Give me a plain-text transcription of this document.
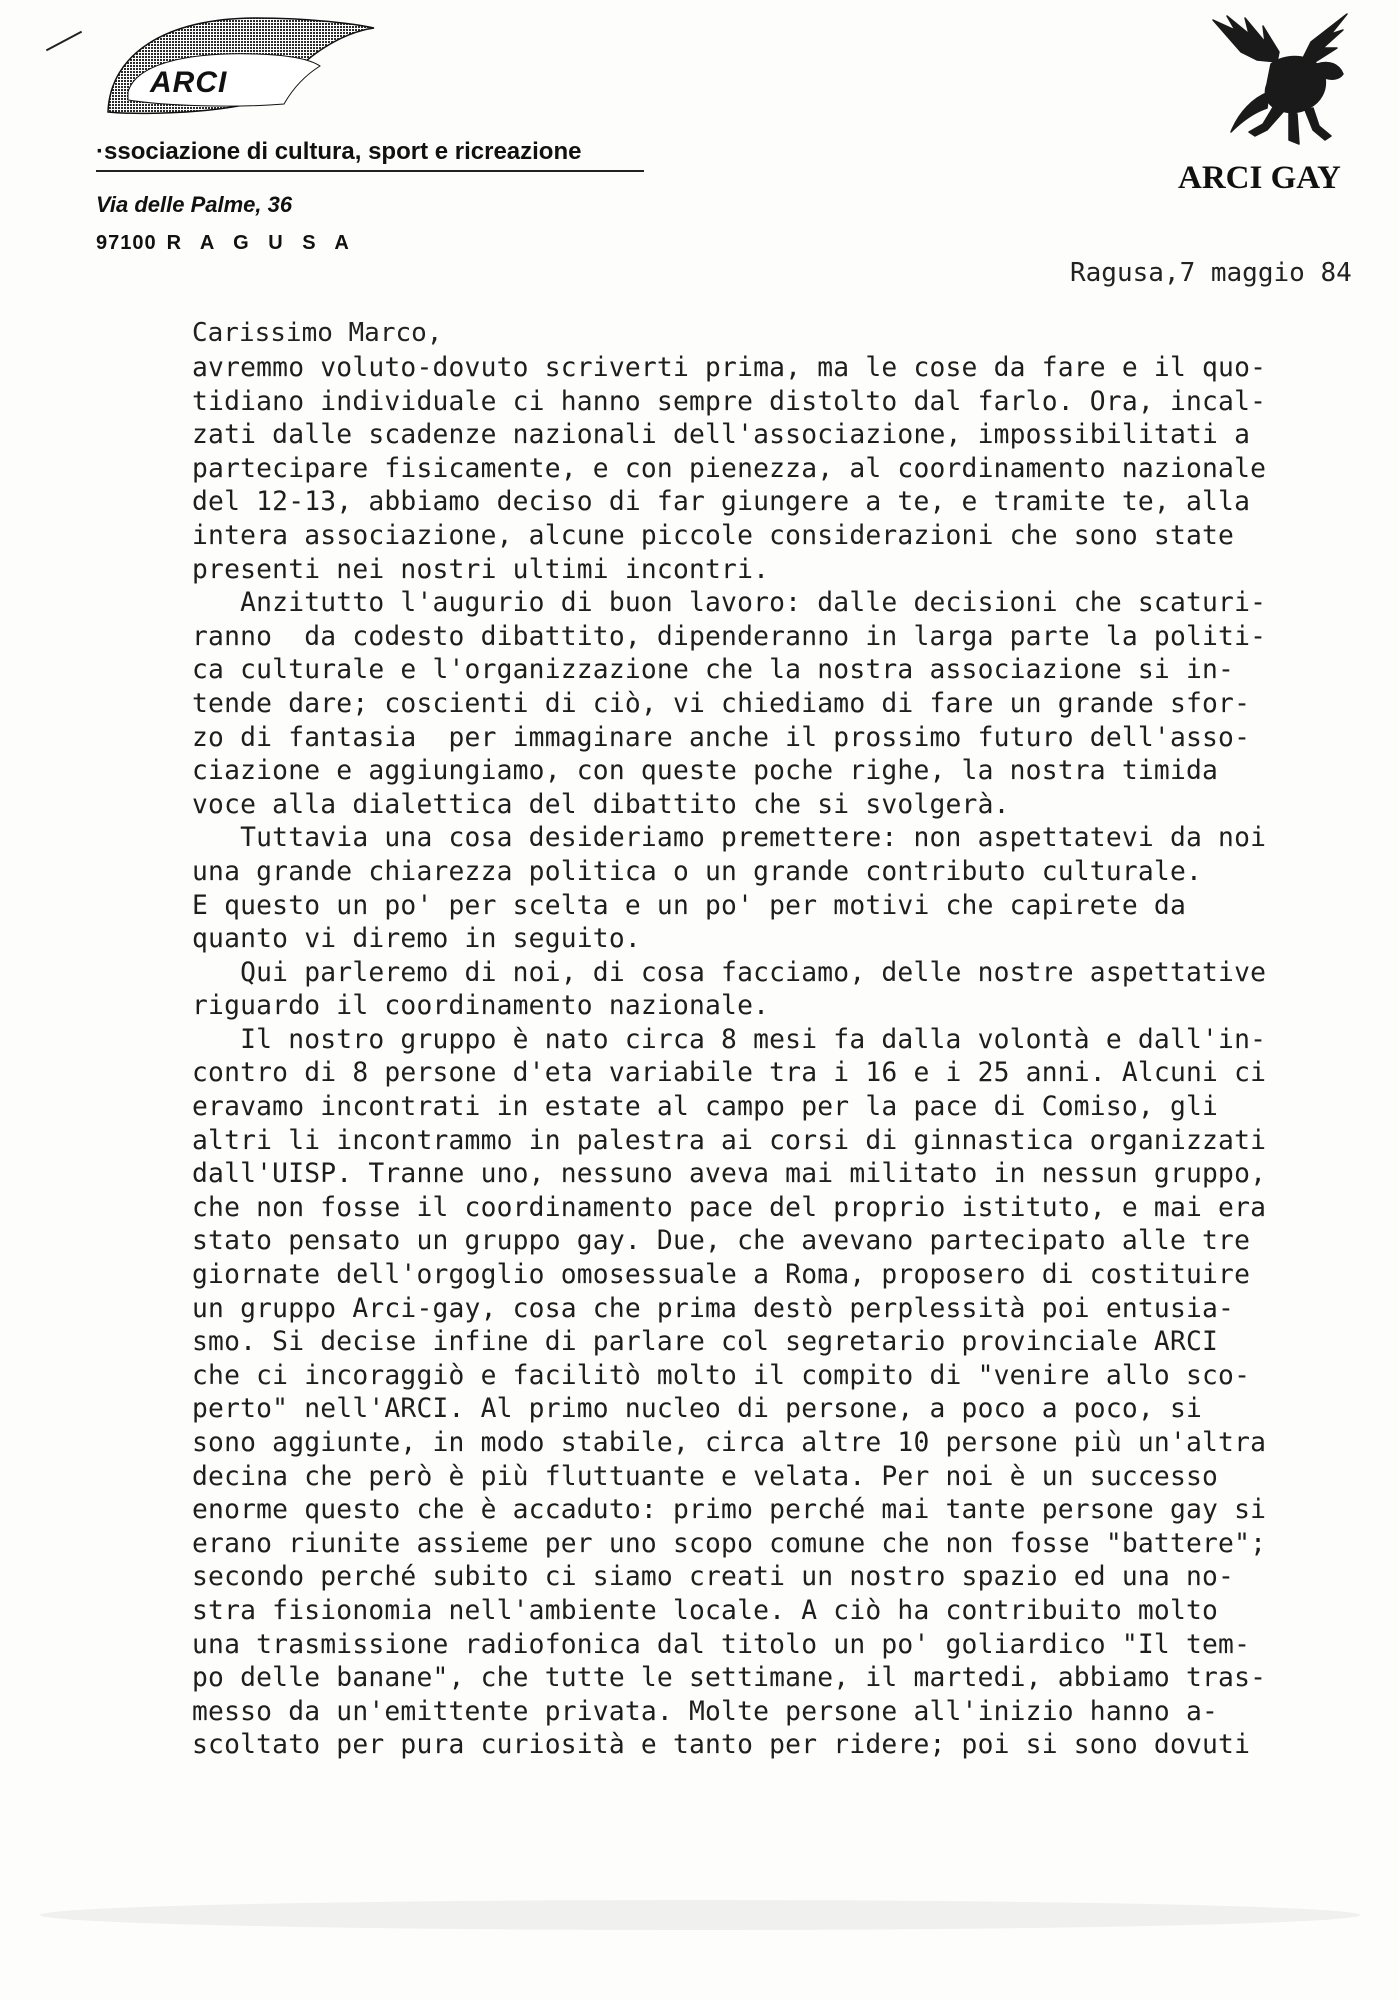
ARCI
·ssociazione di cultura, sport e ricreazione
Via delle Palme, 36
97100 R A G U S A
ARCI GAY
Ragusa,7 maggio 84
Carissimo Marco,
avremmo voluto-dovuto scriverti prima, ma le cose da fare e il quo-
tidiano individuale ci hanno sempre distolto dal farlo. Ora, incal-
zati dalle scadenze nazionali dell'associazione, impossibilitati a
partecipare fisicamente, e con pienezza, al coordinamento nazionale
del 12-13, abbiamo deciso di far giungere a te, e tramite te, alla
intera associazione, alcune piccole considerazioni che sono state
presenti nei nostri ultimi incontri.
Anzitutto l'augurio di buon lavoro: dalle decisioni che scaturi-
ranno  da codesto dibattito, dipenderanno in larga parte la politi-
ca culturale e l'organizzazione che la nostra associazione si in-
tende dare; coscienti di ciò, vi chiediamo di fare un grande sfor-
zo di fantasia  per immaginare anche il prossimo futuro dell'asso-
ciazione e aggiungiamo, con queste poche righe, la nostra timida
voce alla dialettica del dibattito che si svolgerà.
Tuttavia una cosa desideriamo premettere: non aspettatevi da noi
una grande chiarezza politica o un grande contributo culturale.
E questo un po' per scelta e un po' per motivi che capirete da
quanto vi diremo in seguito.
Qui parleremo di noi, di cosa facciamo, delle nostre aspettative
riguardo il coordinamento nazionale.
Il nostro gruppo è nato circa 8 mesi fa dalla volontà e dall'in-
contro di 8 persone d'eta variabile tra i 16 e i 25 anni. Alcuni ci
eravamo incontrati in estate al campo per la pace di Comiso, gli
altri li incontrammo in palestra ai corsi di ginnastica organizzati
dall'UISP. Tranne uno, nessuno aveva mai militato in nessun gruppo,
che non fosse il coordinamento pace del proprio istituto, e mai era
stato pensato un gruppo gay. Due, che avevano partecipato alle tre
giornate dell'orgoglio omosessuale a Roma, proposero di costituire
un gruppo Arci-gay, cosa che prima destò perplessità poi entusia-
smo. Si decise infine di parlare col segretario provinciale ARCI
che ci incoraggiò e facilitò molto il compito di "venire allo sco-
perto" nell'ARCI. Al primo nucleo di persone, a poco a poco, si
sono aggiunte, in modo stabile, circa altre 10 persone più un'altra
decina che però è più fluttuante e velata. Per noi è un successo
enorme questo che è accaduto: primo perché mai tante persone gay si
erano riunite assieme per uno scopo comune che non fosse "battere";
secondo perché subito ci siamo creati un nostro spazio ed una no-
stra fisionomia nell'ambiente locale. A ciò ha contribuito molto
una trasmissione radiofonica dal titolo un po' goliardico "Il tem-
po delle banane", che tutte le settimane, il martedi, abbiamo tras-
messo da un'emittente privata. Molte persone all'inizio hanno a-
scoltato per pura curiosità e tanto per ridere; poi si sono dovuti
